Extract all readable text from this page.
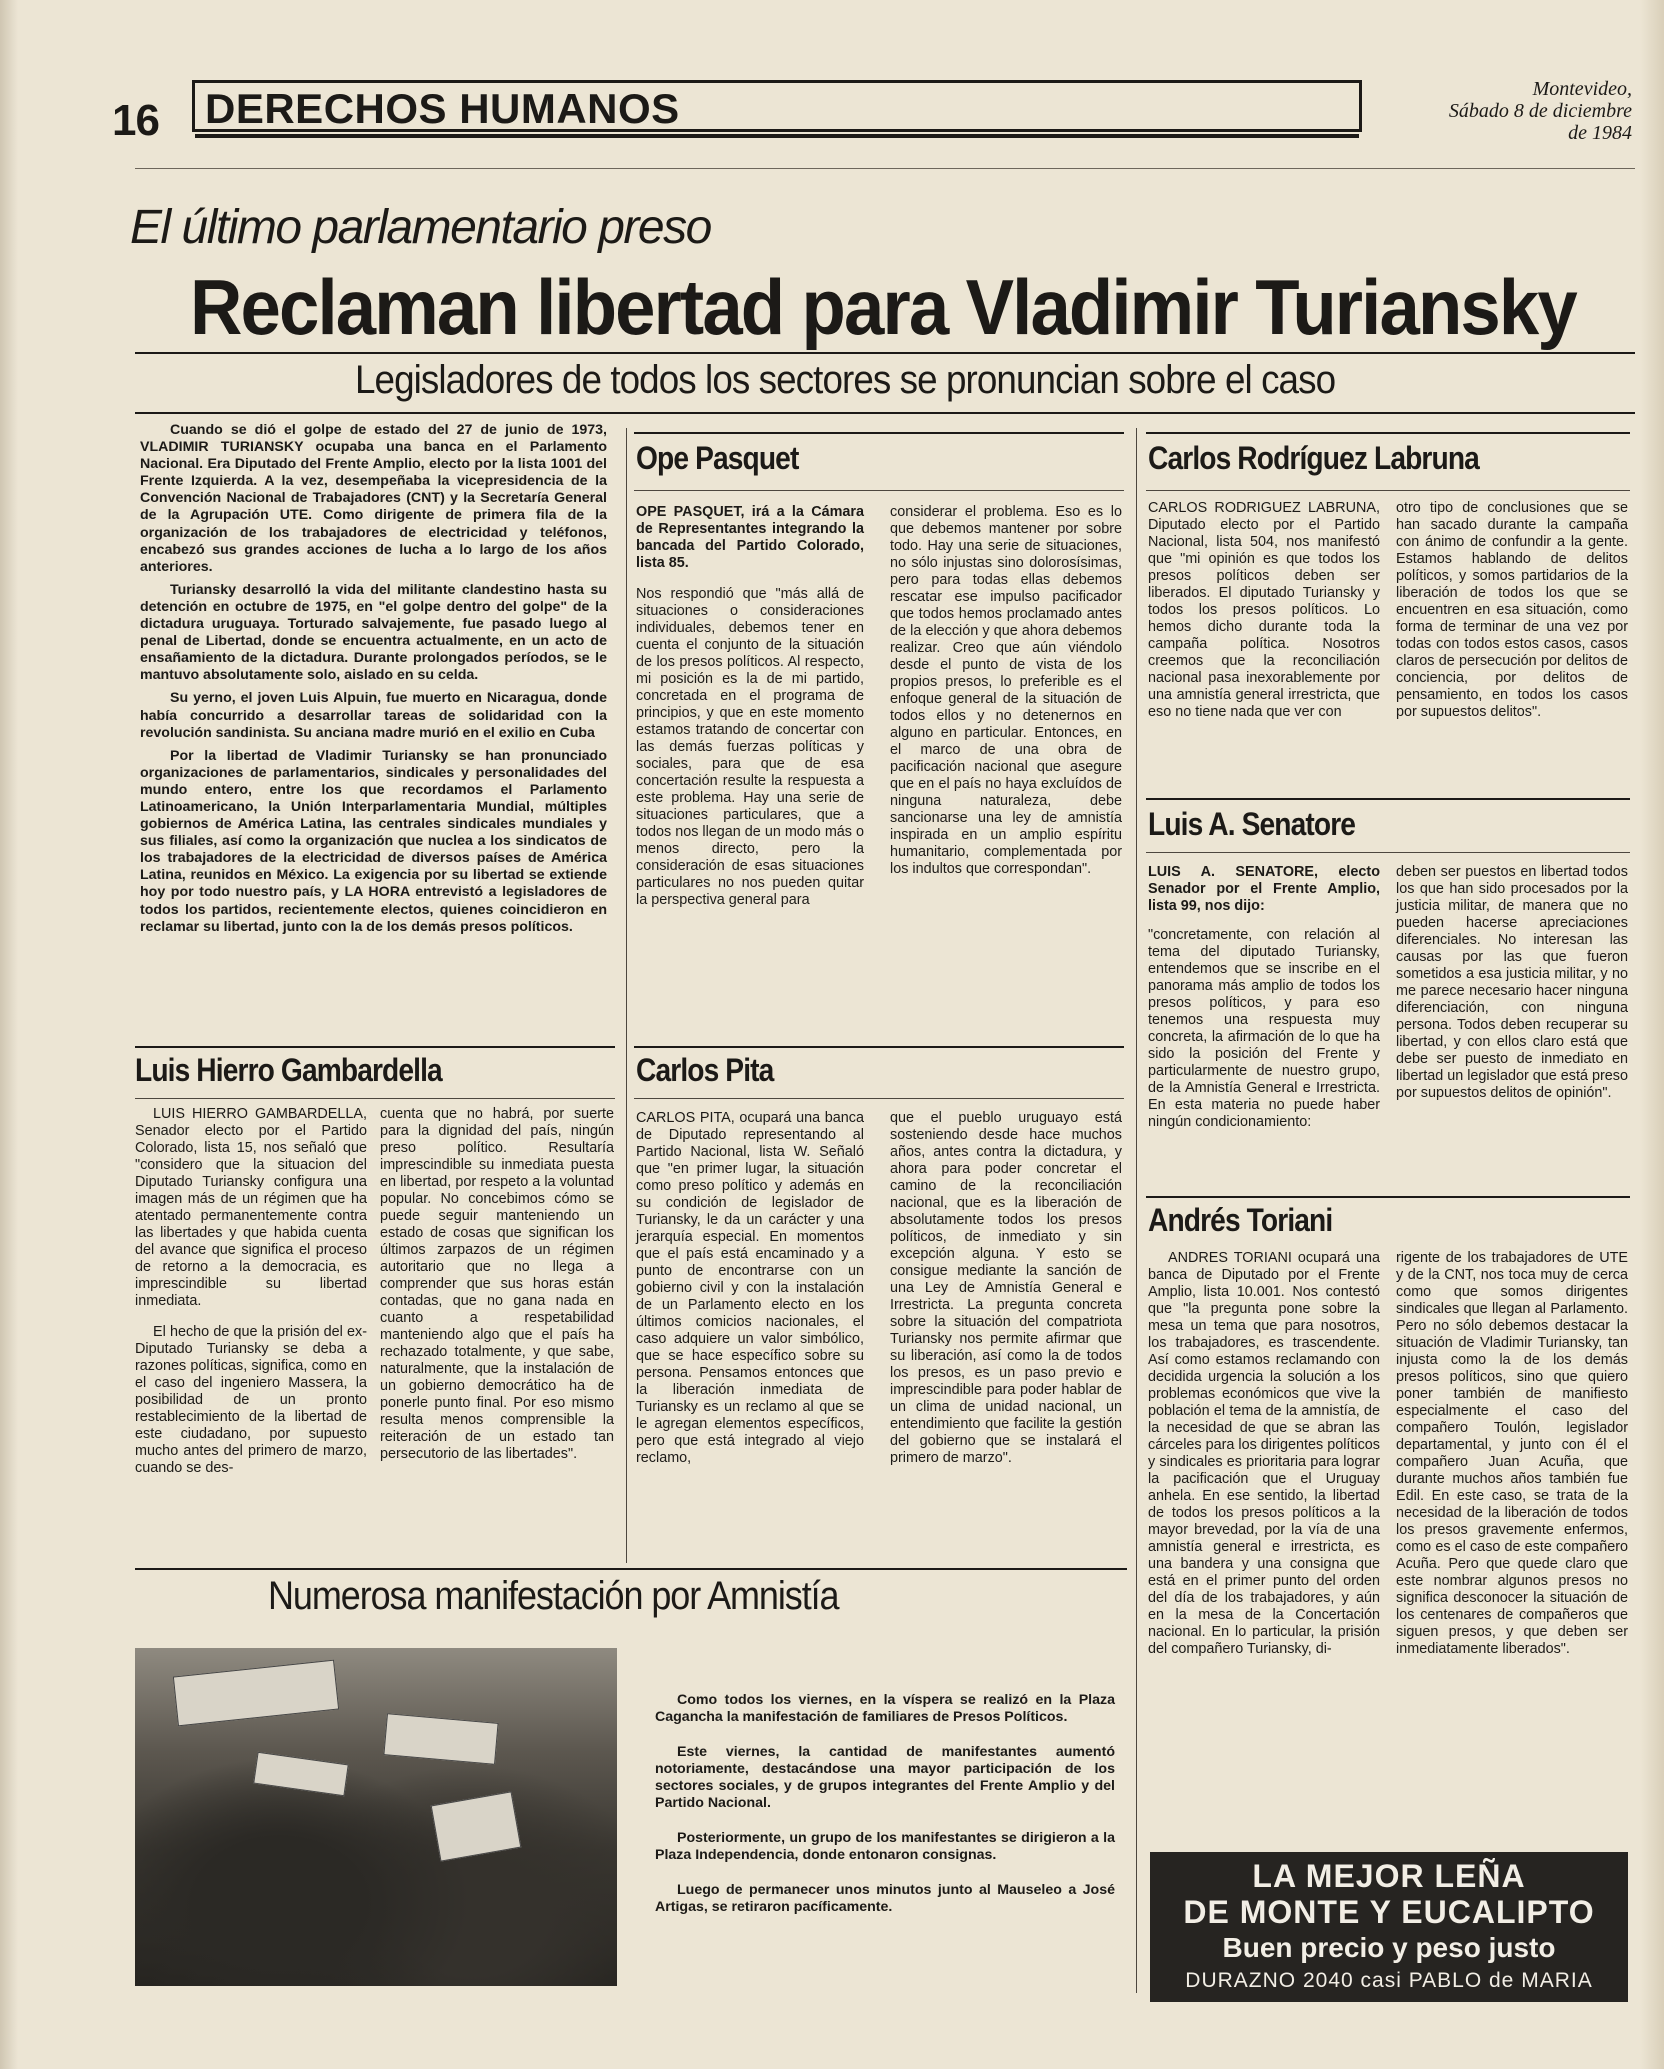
16 DERECHOS HUMANOS	Montevideo,
Sábado 8 de diciembre
de 1984
El último parlamentario preso
Reclaman libertad para Vladimir Turiansky
Legisladores de todos los sectores se pronuncian sobre el caso

Cuando se dió el golpe de estado del 27 de junio de 1973, VLADIMIR TURIANSKY ocupaba una banca en el Parlamento Nacional. Era Diputado del Frente Amplio, electo por la lista 1001 del Frente Izquierda. A la vez, desempeñaba la vicepresidencia de la Convención Nacional de Trabajadores (CNT) y la Secretaría General de la Agrupación UTE. Como dirigente de primera fila de la organización de los trabajadores de electricidad y teléfonos, encabezó sus grandes acciones de lucha a lo largo de los años anteriores.

Turiansky desarrolló la vida del militante clandestino hasta su detención en octubre de 1975, en "el golpe dentro del golpe" de la dictadura uruguaya. Torturado salvajemente, fue pasado luego al penal de Libertad, donde se encuentra actualmente, en un acto de ensañamiento de la dictadura. Durante prolongados períodos, se le mantuvo absolutamente solo, aislado en su celda.

Su yerno, el joven Luis Alpuin, fue muerto en Nicaragua, donde había concurrido a desarrollar tareas de solidaridad con la revolución sandinista. Su anciana madre murió en el exilio en Cuba

Por la libertad de Vladimir Turiansky se han pronunciado organizaciones de parlamentarios, sindicales y personalidades del mundo entero, entre los que recordamos el Parlamento Latinoamericano, la Unión Interparlamentaria Mundial, múltiples gobiernos de América Latina, las centrales sindicales mundiales y sus filiales, así como la organización que nuclea a los sindicatos de los trabajadores de la electricidad de diversos países de América Latina, reunidos en México. La exigencia por su libertad se extiende hoy por todo nuestro país, y LA HORA entrevistó a legisladores de todos los partidos, recientemente electos, quienes coincidieron en reclamar su libertad, junto con la de los demás presos políticos.

Luis Hierro Gambardella

LUIS HIERRO GAMBARDELLA, Senador electo por el Partido Colorado, lista 15, nos señaló que "considero que la situacion del Diputado Turiansky configura una imagen más de un régimen que ha atentado permanentemente contra las libertades y que habida cuenta del avance que significa el proceso de retorno a la democracia, es imprescindible su libertad inmediata.

El hecho de que la prisión del ex-Diputado Turiansky se deba a razones políticas, significa, como en el caso del ingeniero Massera, la posibilidad de un pronto restablecimiento de la libertad de este ciudadano, por supuesto mucho antes del primero de marzo, cuando se des-

cuenta que no habrá, por suerte para la dignidad del país, ningún preso político. Resultaría imprescindible su inmediata puesta en libertad, por respeto a la voluntad popular. No concebimos cómo se puede seguir manteniendo un estado de cosas que significan los últimos zarpazos de un régimen autoritario que no llega a comprender que sus horas están contadas, que no gana nada en cuanto a respetabilidad manteniendo algo que el país ha rechazado totalmente, y que sabe, naturalmente, que la instalación de un gobierno democrático ha de ponerle punto final. Por eso mismo resulta menos comprensible la reiteración de un estado tan persecutorio de las libertades".

Ope Pasquet

OPE PASQUET, irá a la Cámara de Representantes integrando la bancada del Partido Colorado, lista 85.

Nos respondió que "más allá de situaciones o consideraciones individuales, debemos tener en cuenta el conjunto de la situación de los presos políticos. Al respecto, mi posición es la de mi partido, concretada en el programa de principios, y que en este momento estamos tratando de concertar con las demás fuerzas políticas y sociales, para que de esa concertación resulte la respuesta a este problema. Hay una serie de situaciones particulares, que a todos nos llegan de un modo más o menos directo, pero la consideración de esas situaciones particulares no nos pueden quitar la perspectiva general para

considerar el problema. Eso es lo que debemos mantener por sobre todo. Hay una serie de situaciones, no sólo injustas sino dolorosísimas, pero para todas ellas debemos rescatar ese impulso pacificador que todos hemos proclamado antes de la elección y que ahora debemos realizar. Creo que aún viéndolo desde el punto de vista de los propios presos, lo preferible es el enfoque general de la situación de todos ellos y no detenernos en alguno en particular. Entonces, en el marco de una obra de pacificación nacional que asegure que en el país no haya excluídos de ninguna naturaleza, debe sancionarse una ley de amnistía inspirada en un amplio espíritu humanitario, complementada por los indultos que correspondan".

Carlos Pita

CARLOS PITA, ocupará una banca de Diputado representando al Partido Nacional, lista W. Señaló que "en primer lugar, la situación como preso político y además en su condición de legislador de Turiansky, le da un carácter y una jerarquía especial. En momentos que el país está encaminado y a punto de encontrarse con un gobierno civil y con la instalación de un Parlamento electo en los últimos comicios nacionales, el caso adquiere un valor simbólico, que se hace específico sobre su persona. Pensamos entonces que la liberación inmediata de Turiansky es un reclamo al que se le agregan elementos específicos, pero que está integrado al viejo reclamo,

que el pueblo uruguayo está sosteniendo desde hace muchos años, antes contra la dictadura, y ahora para poder concretar el camino de la reconciliación nacional, que es la liberación de absolutamente todos los presos políticos, de inmediato y sin excepción alguna. Y esto se consigue mediante la sanción de una Ley de Amnistía General e Irrestricta. La pregunta concreta sobre la situación del compatriota Turiansky nos permite afirmar que su liberación, así como la de todos los presos, es un paso previo e imprescindible para poder hablar de un clima de unidad nacional, un entendimiento que facilite la gestión del gobierno que se instalará el primero de marzo".

Carlos Rodríguez Labruna

CARLOS RODRIGUEZ LABRUNA, Diputado electo por el Partido Nacional, lista 504, nos manifestó que "mi opinión es que todos los presos políticos deben ser liberados. El diputado Turiansky y todos los presos políticos. Lo hemos dicho durante toda la campaña política. Nosotros creemos que la reconciliación nacional pasa inexorablemente por una amnistía general irrestricta, que eso no tiene nada que ver con

otro tipo de conclusiones que se han sacado durante la campaña con ánimo de confundir a la gente. Estamos hablando de delitos políticos, y somos partidarios de la liberación de todos los que se encuentren en esa situación, como forma de terminar de una vez por todas con todos estos casos, casos claros de persecución por delitos de conciencia, por delitos de pensamiento, en todos los casos por supuestos delitos".

Luis A. Senatore

LUIS A. SENATORE, electo Senador por el Frente Amplio, lista 99, nos dijo:

"concretamente, con relación al tema del diputado Turiansky, entendemos que se inscribe en el panorama más amplio de todos los presos políticos, y para eso tenemos una respuesta muy concreta, la afirmación de lo que ha sido la posición del Frente y particularmente de nuestro grupo, de la Amnistía General e Irrestricta. En esta materia no puede haber ningún condicionamiento:

deben ser puestos en libertad todos los que han sido procesados por la justicia militar, de manera que no pueden hacerse apreciaciones diferenciales. No interesan las causas por las que fueron sometidos a esa justicia militar, y no me parece necesario hacer ninguna diferenciación, con ninguna persona. Todos deben recuperar su libertad, y con ellos claro está que debe ser puesto de inmediato en libertad un legislador que está preso por supuestos delitos de opinión".

Andrés Toriani

ANDRES TORIANI ocupará una banca de Diputado por el Frente Amplio, lista 10.001. Nos contestó que "la pregunta pone sobre la mesa un tema que para nosotros, los trabajadores, es trascendente. Así como estamos reclamando con decidida urgencia la solución a los problemas económicos que vive la población el tema de la amnistía, de la necesidad de que se abran las cárceles para los dirigentes políticos y sindicales es prioritaria para lograr la pacificación que el Uruguay anhela. En ese sentido, la libertad de todos los presos políticos a la mayor brevedad, por la vía de una amnistía general e irrestricta, es una bandera y una consigna que está en el primer punto del orden del día de los trabajadores, y aún en la mesa de la Concertación nacional. En lo particular, la prisión del compañero Turiansky, di-

rigente de los trabajadores de UTE y de la CNT, nos toca muy de cerca como que somos dirigentes sindicales que llegan al Parlamento. Pero no sólo debemos destacar la situación de Vladimir Turiansky, tan injusta como la de los demás presos políticos, sino que quiero poner también de manifiesto especialmente el caso del compañero Toulón, legislador departamental, y junto con él el compañero Juan Acuña, que durante muchos años también fue Edil. En este caso, se trata de la necesidad de la liberación de todos los presos gravemente enfermos, como es el caso de este compañero Acuña. Pero que quede claro que este nombrar algunos presos no significa desconocer la situación de los centenares de compañeros que siguen presos, y que deben ser inmediatamente liberados".

Numerosa manifestación por Amnistía

Como todos los viernes, en la víspera se realizó en la Plaza Cagancha la manifestación de familiares de Presos Políticos.

Este viernes, la cantidad de manifestantes aumentó notoriamente, destacándose una mayor participación de los sectores sociales, y de grupos integrantes del Frente Amplio y del Partido Nacional.

Posteriormente, un grupo de los manifestantes se dirigieron a la Plaza Independencia, donde entonaron consignas.

Luego de permanecer unos minutos junto al Mauseleo a José Artigas, se retiraron pacíficamente.

LA MEJOR LEÑA
DE MONTE Y EUCALIPTO
Buen precio y peso justo
DURAZNO 2040 casi PABLO de MARIA
